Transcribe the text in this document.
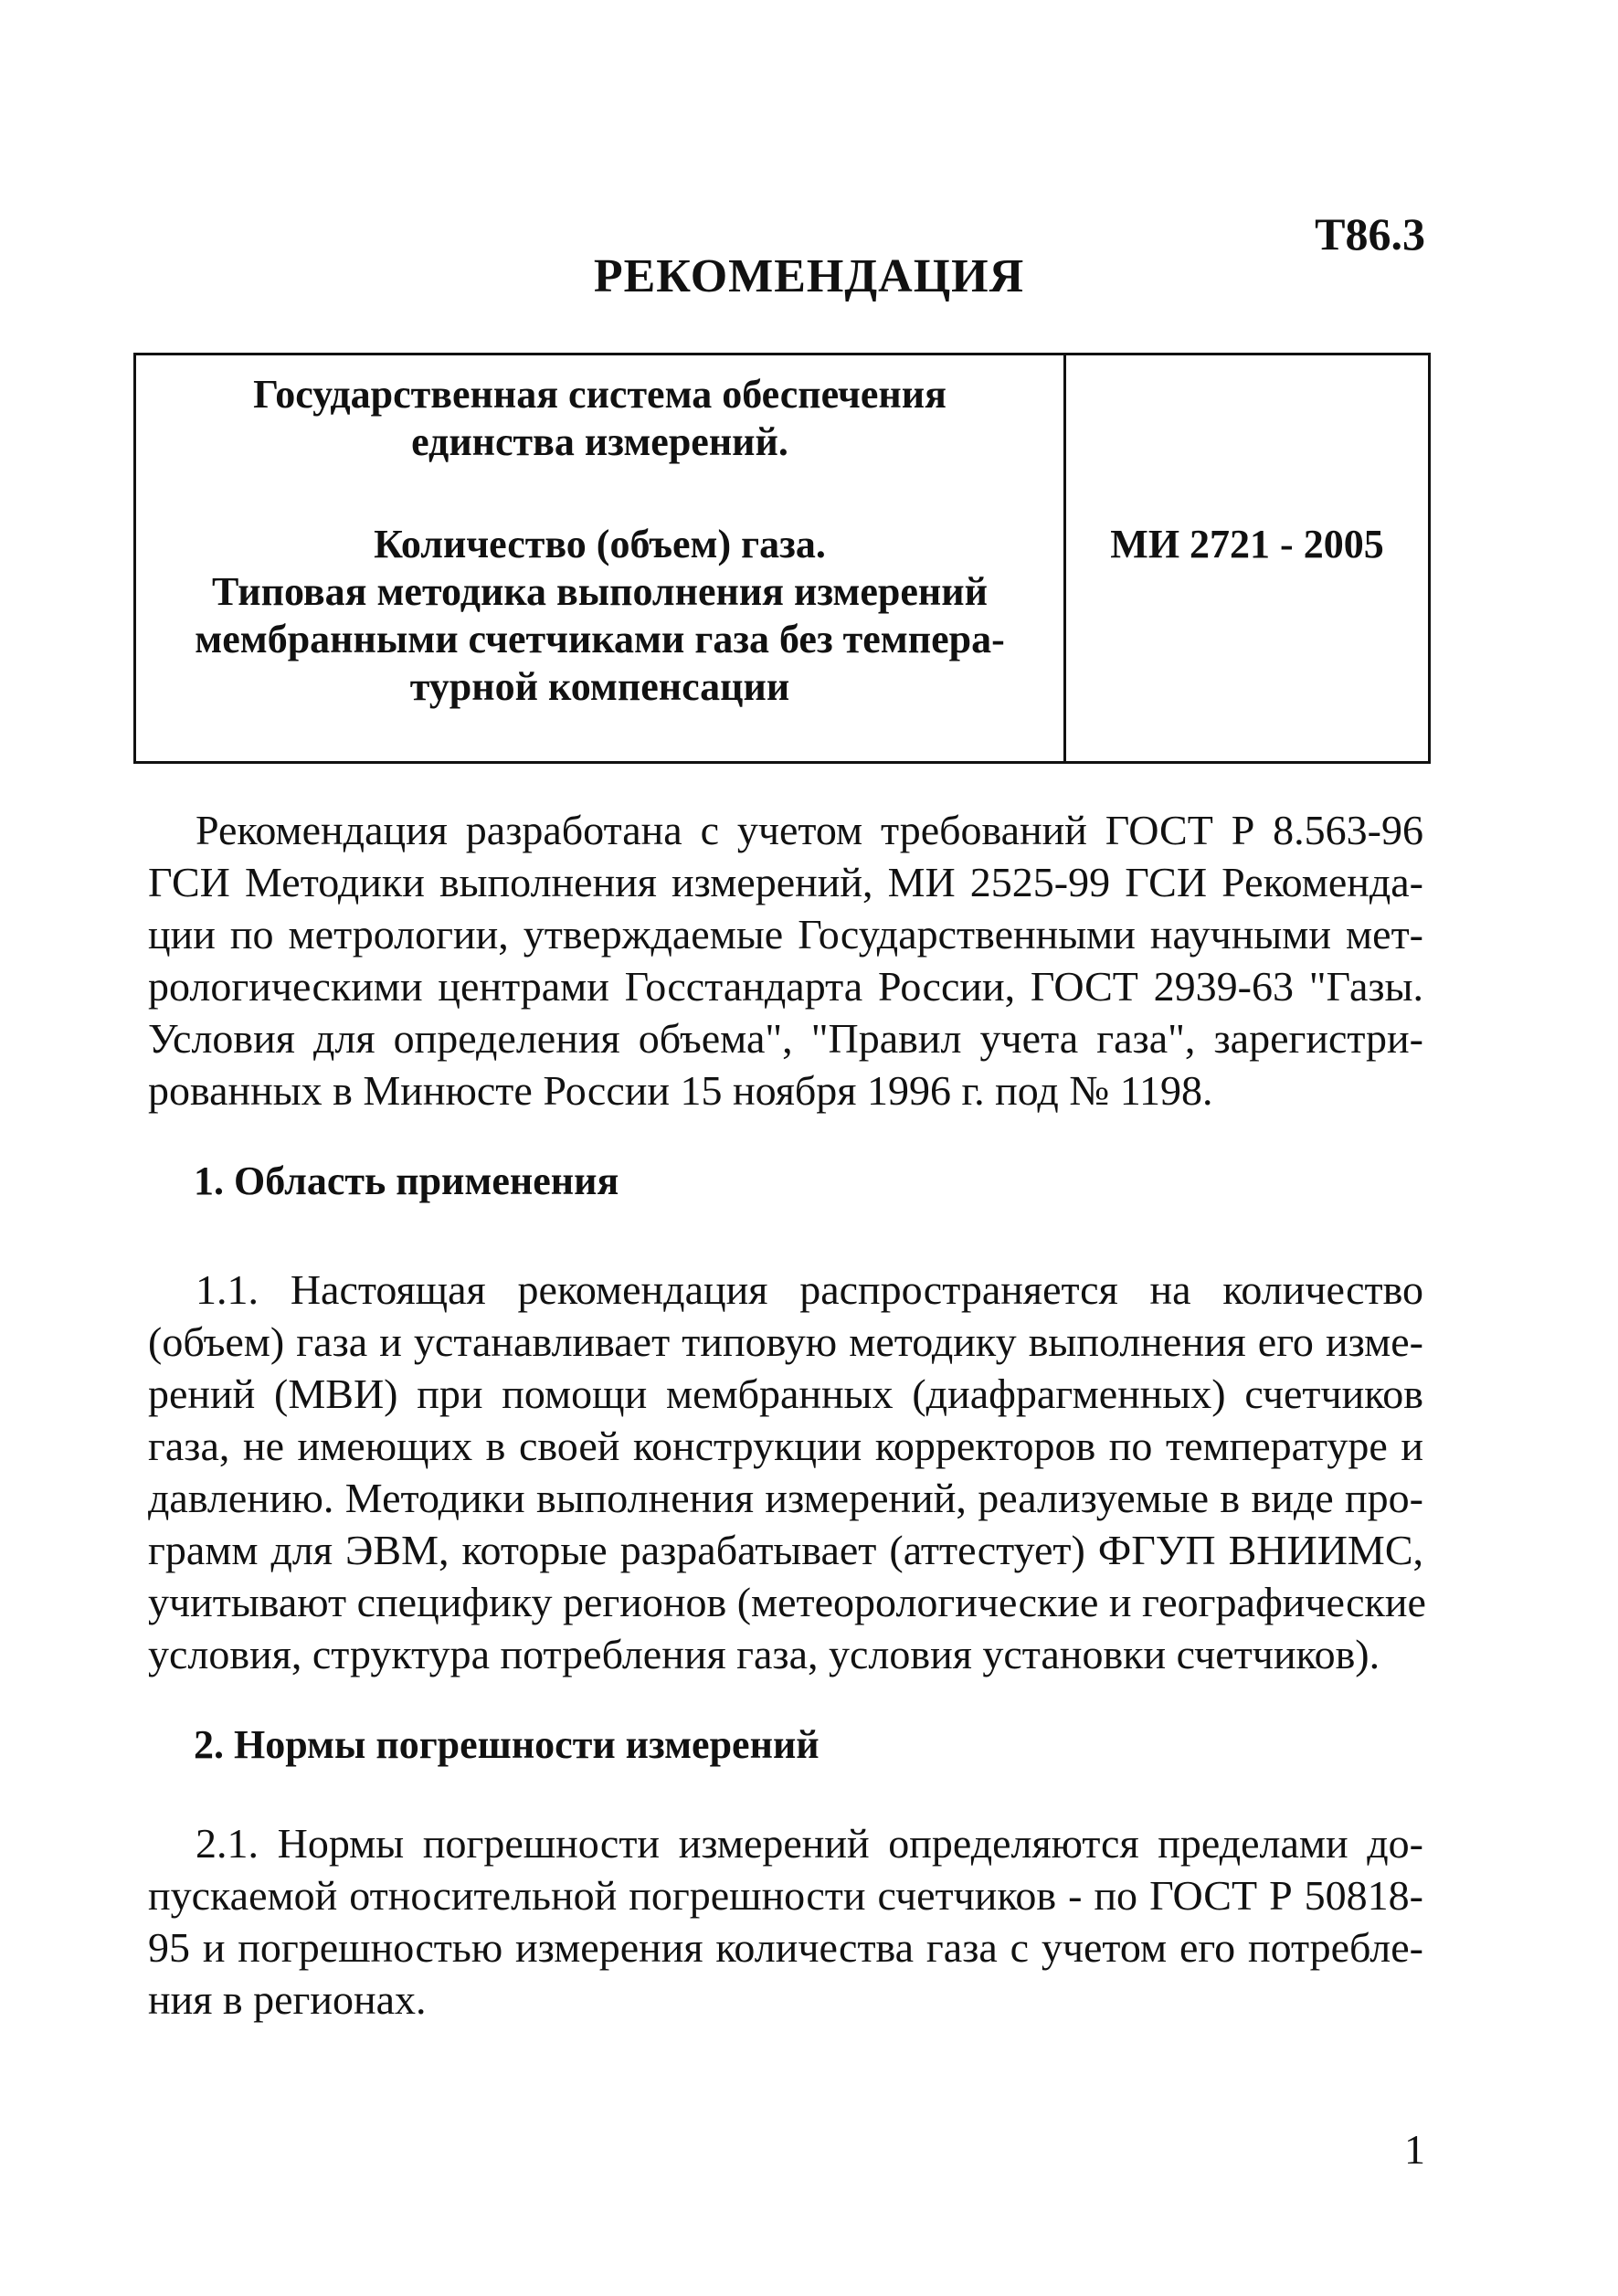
Т86.3
РЕКОМЕНДАЦИЯ
Государственная система обеспечения
единства измерений.
Количество (объем) газа.
Типовая методика выполнения измерений
мембранными счетчиками газа без темпера-
турной компенсации
МИ 2721 - 2005
Рекомендация разработана с учетом требований ГОСТ Р 8.563-96
ГСИ Методики выполнения измерений, МИ 2525-99 ГСИ Рекоменда-
ции по метрологии, утверждаемые Государственными научными мет-
рологическими центрами Госстандарта России, ГОСТ 2939-63 "Газы.
Условия для определения объема", "Правил учета газа", зарегистри-
рованных в Минюсте России 15 ноября 1996 г. под № 1198.
1. Область применения
1.1. Настоящая рекомендация распространяется на количество
(объем) газа и устанавливает типовую методику выполнения его изме-
рений (МВИ) при помощи мембранных (диафрагменных) счетчиков
газа, не имеющих в своей конструкции корректоров по температуре и
давлению. Методики выполнения измерений, реализуемые в виде про-
грамм для ЭВМ, которые разрабатывает (аттестует) ФГУП ВНИИМС,
учитывают специфику регионов (метеорологические и географические
условия, структура потребления газа, условия установки счетчиков).
2. Нормы погрешности измерений
2.1. Нормы погрешности измерений определяются пределами до-
пускаемой относительной погрешности счетчиков - по ГОСТ Р 50818-
95 и погрешностью измерения количества газа с учетом его потребле-
ния в регионах.
1
